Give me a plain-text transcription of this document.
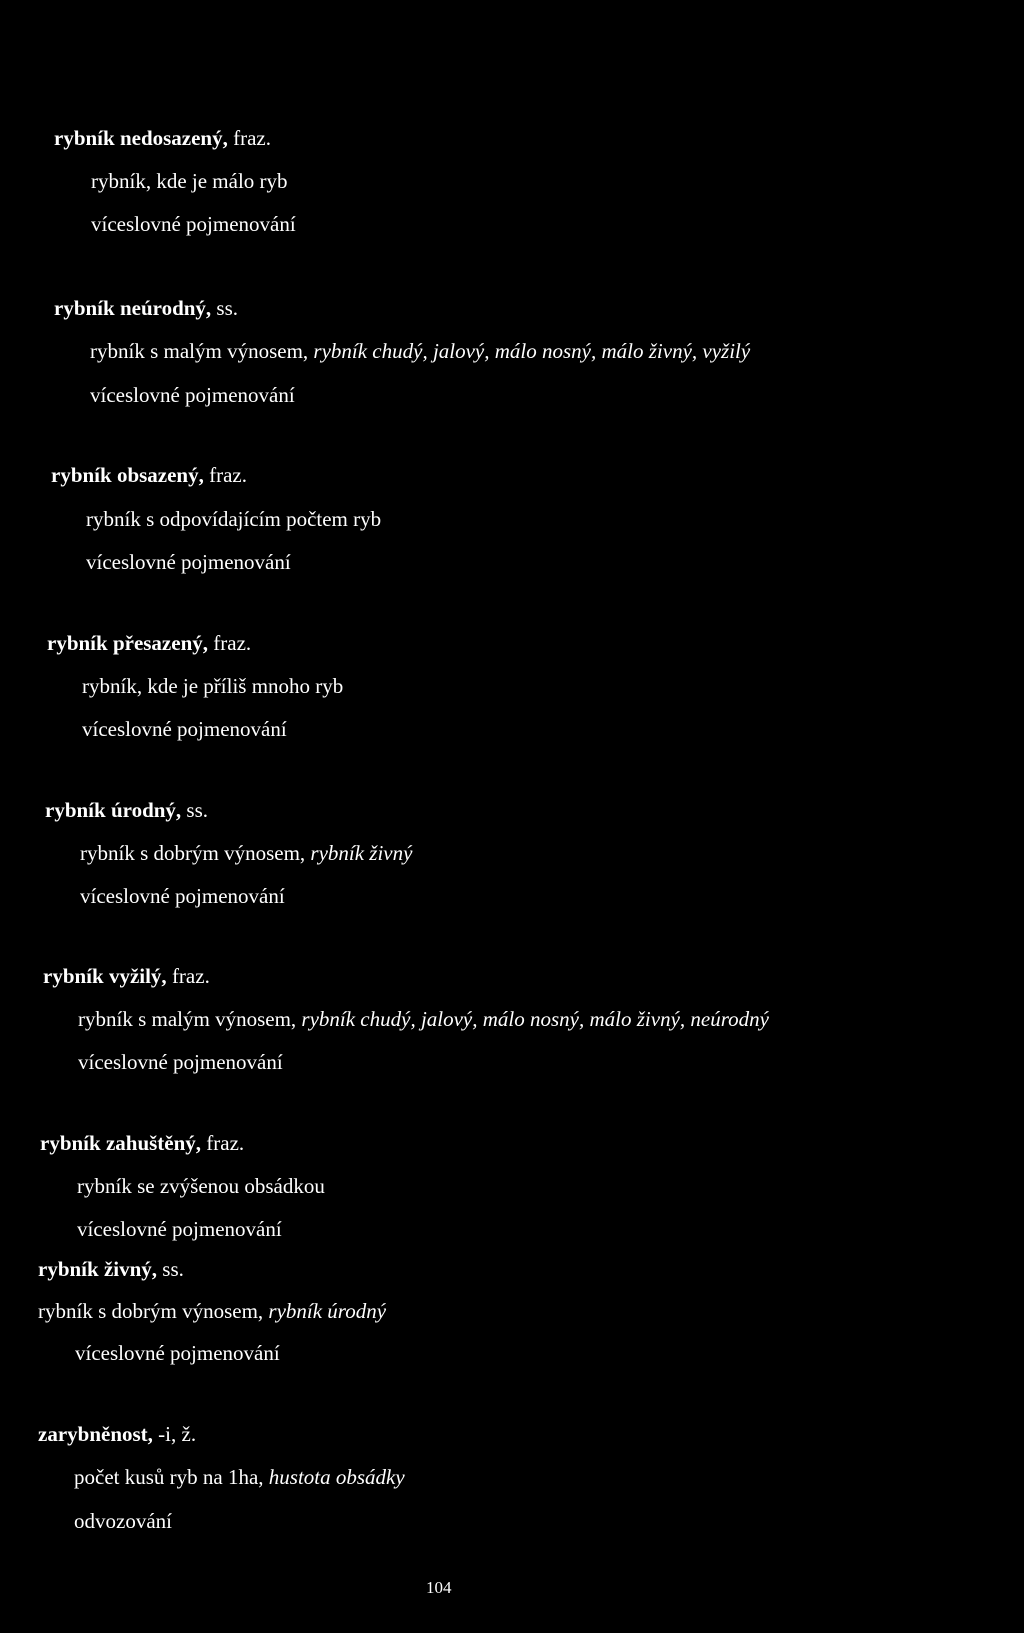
rybník nedosazený, fraz.
rybník, kde je málo ryb
víceslovné pojmenování
rybník neúrodný, ss.
rybník s malým výnosem, rybník chudý, jalový, málo nosný, málo živný, vyžilý
víceslovné pojmenování
rybník obsazený, fraz.
rybník s odpovídajícím počtem ryb
víceslovné pojmenování
rybník přesazený, fraz.
rybník, kde je příliš mnoho ryb
víceslovné pojmenování
rybník úrodný, ss.
rybník s dobrým výnosem, rybník živný
víceslovné pojmenování
rybník vyžilý, fraz.
rybník s malým výnosem, rybník chudý, jalový, málo nosný, málo živný, neúrodný
víceslovné pojmenování
rybník zahuštěný, fraz.
rybník se zvýšenou obsádkou
víceslovné pojmenování
rybník živný, ss.
rybník s dobrým výnosem, rybník úrodný
víceslovné pojmenování
zarybněnost, -i, ž.
počet kusů ryb na 1ha, hustota obsádky
odvozování
104
